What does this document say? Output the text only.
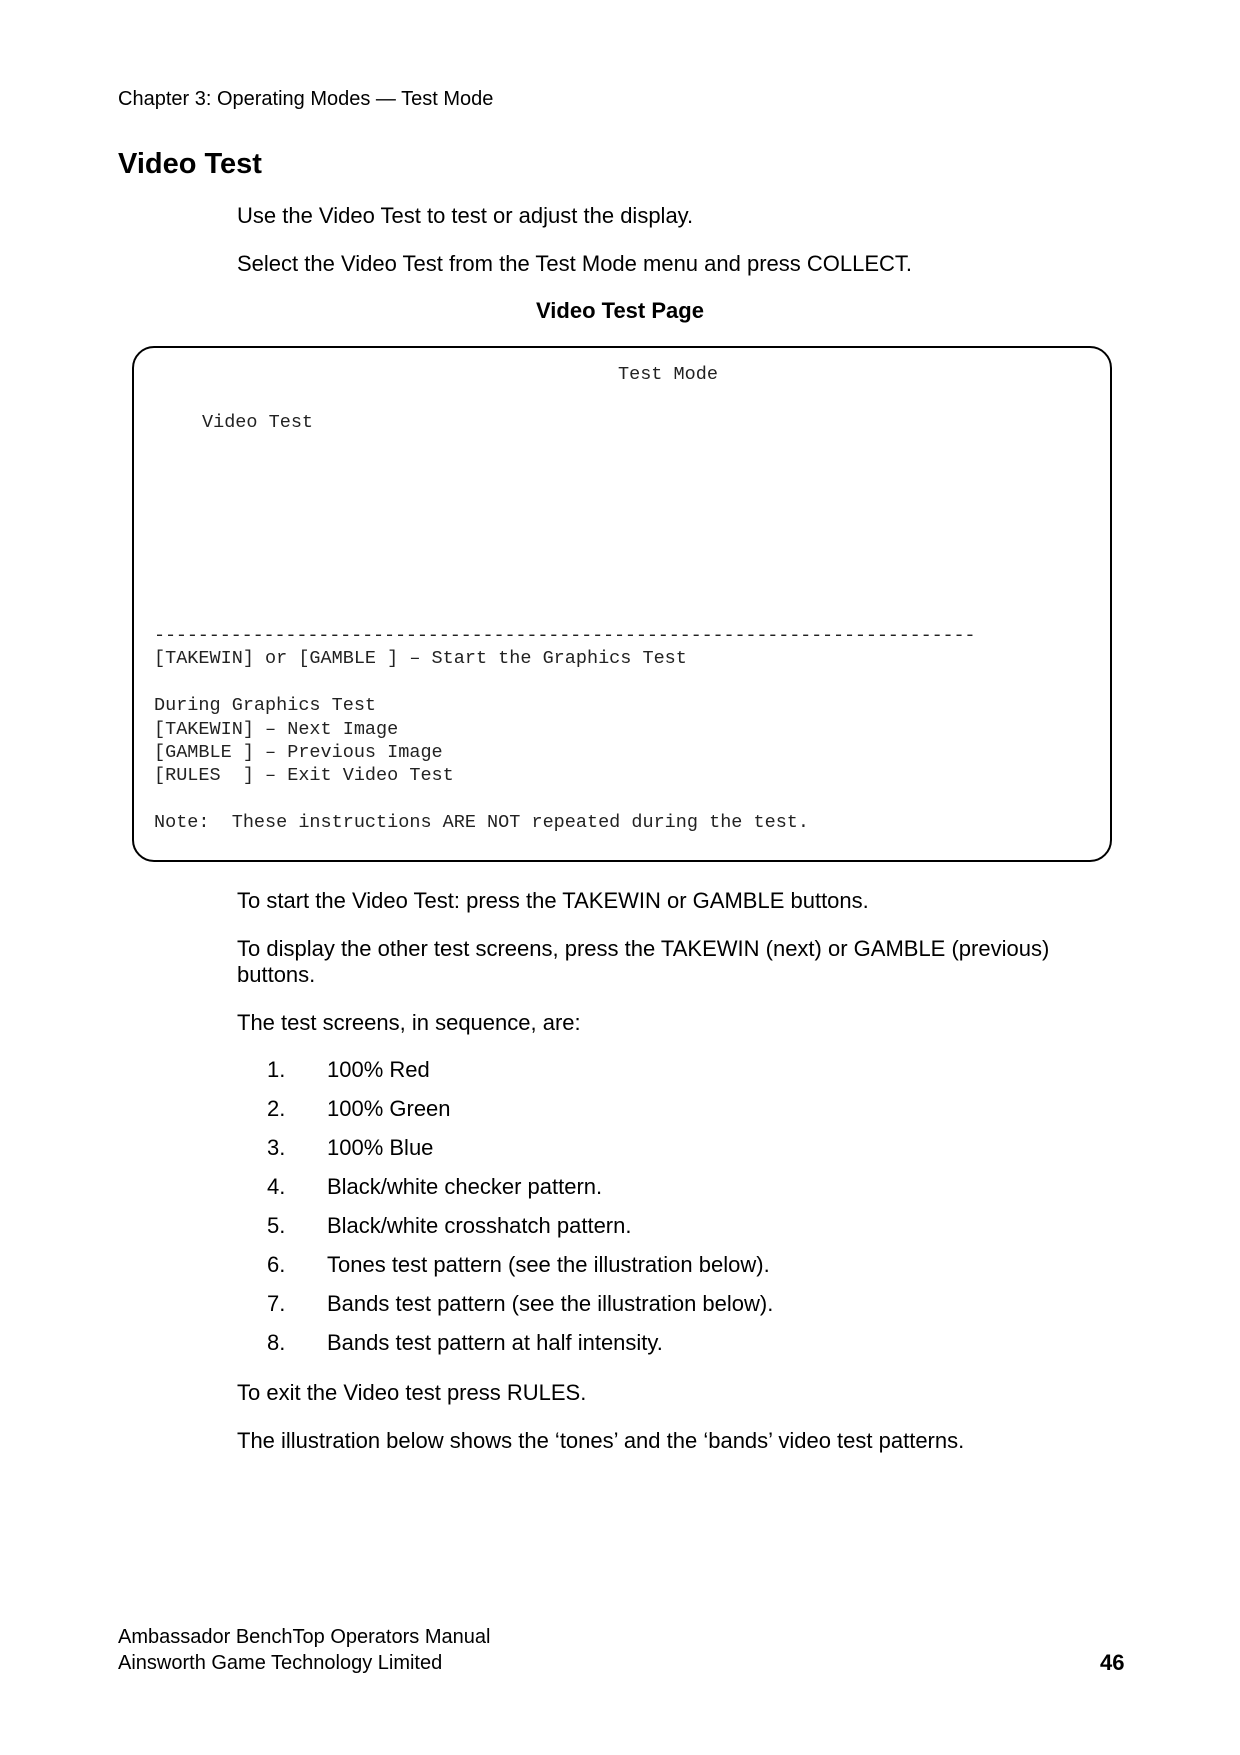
Chapter 3: Operating Modes — Test Mode
Video Test
Use the Video Test to test or adjust the display.
Select the Video Test from the Test Mode menu and press COLLECT.
Video Test Page
Test Mode
Video Test
---------------------------------------------------------------------------
[TAKEWIN] or [GAMBLE ] – Start the Graphics Test
During Graphics Test
[TAKEWIN] – Next Image
[GAMBLE ] – Previous Image
[RULES  ] – Exit Video Test
Note:  These instructions ARE NOT repeated during the test.
To start the Video Test: press the TAKEWIN or GAMBLE buttons.
To display the other test screens, press the TAKEWIN (next) or GAMBLE (previous) buttons.
The test screens, in sequence, are:
1. 100% Red
2. 100% Green
3. 100% Blue
4. Black/white checker pattern.
5. Black/white crosshatch pattern.
6. Tones test pattern (see the illustration below).
7. Bands test pattern (see the illustration below).
8. Bands test pattern at half intensity.
To exit the Video test press RULES.
The illustration below shows the ‘tones’ and the ‘bands’ video test patterns.
Ambassador BenchTop Operators Manual
Ainsworth Game Technology Limited	46
